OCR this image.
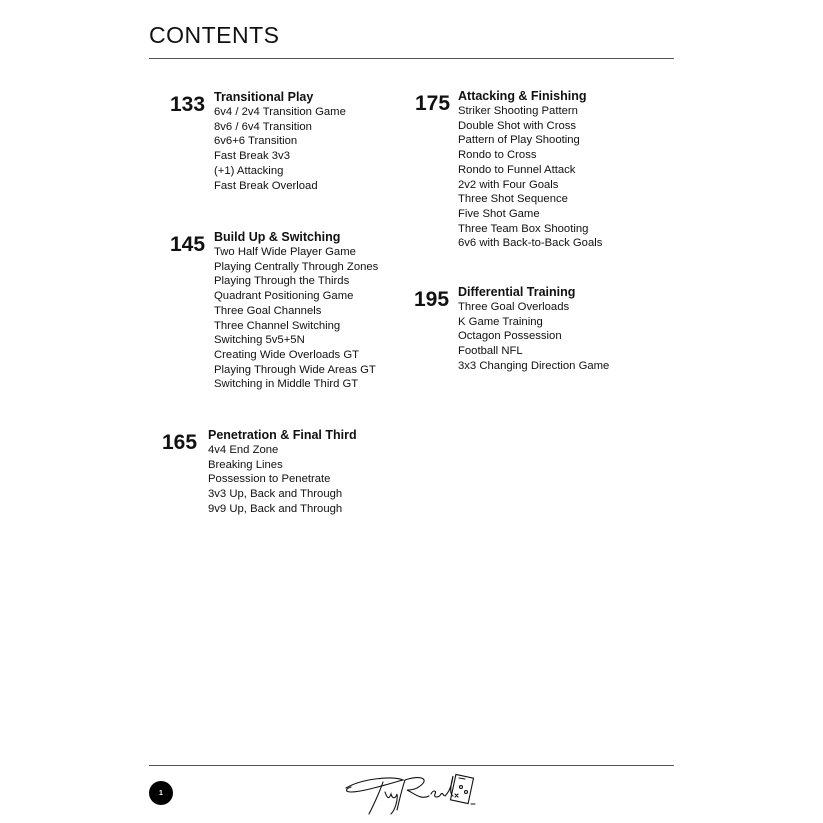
CONTENTS
133 Transitional Play
6v4 / 2v4 Transition Game
8v6 / 6v4 Transition
6v6+6 Transition
Fast Break 3v3
(+1) Attacking
Fast Break Overload
145 Build Up & Switching
Two Half Wide Player Game
Playing Centrally Through Zones
Playing Through the Thirds
Quadrant Positioning Game
Three Goal Channels
Three Channel Switching
Switching 5v5+5N
Creating Wide Overloads GT
Playing Through Wide Areas GT
Switching in Middle Third GT
165 Penetration & Final Third
4v4 End Zone
Breaking Lines
Possession to Penetrate
3v3 Up, Back and Through
9v9 Up, Back and Through
175 Attacking & Finishing
Striker Shooting Pattern
Double Shot with Cross
Pattern of Play Shooting
Rondo to Cross
Rondo to Funnel Attack
2v2 with Four Goals
Three Shot Sequence
Five Shot Game
Three Team Box Shooting
6v6 with Back-to-Back Goals
195 Differential Training
Three Goal Overloads
K Game Training
Octagon Possession
Football NFL
3x3 Changing Direction Game
1
